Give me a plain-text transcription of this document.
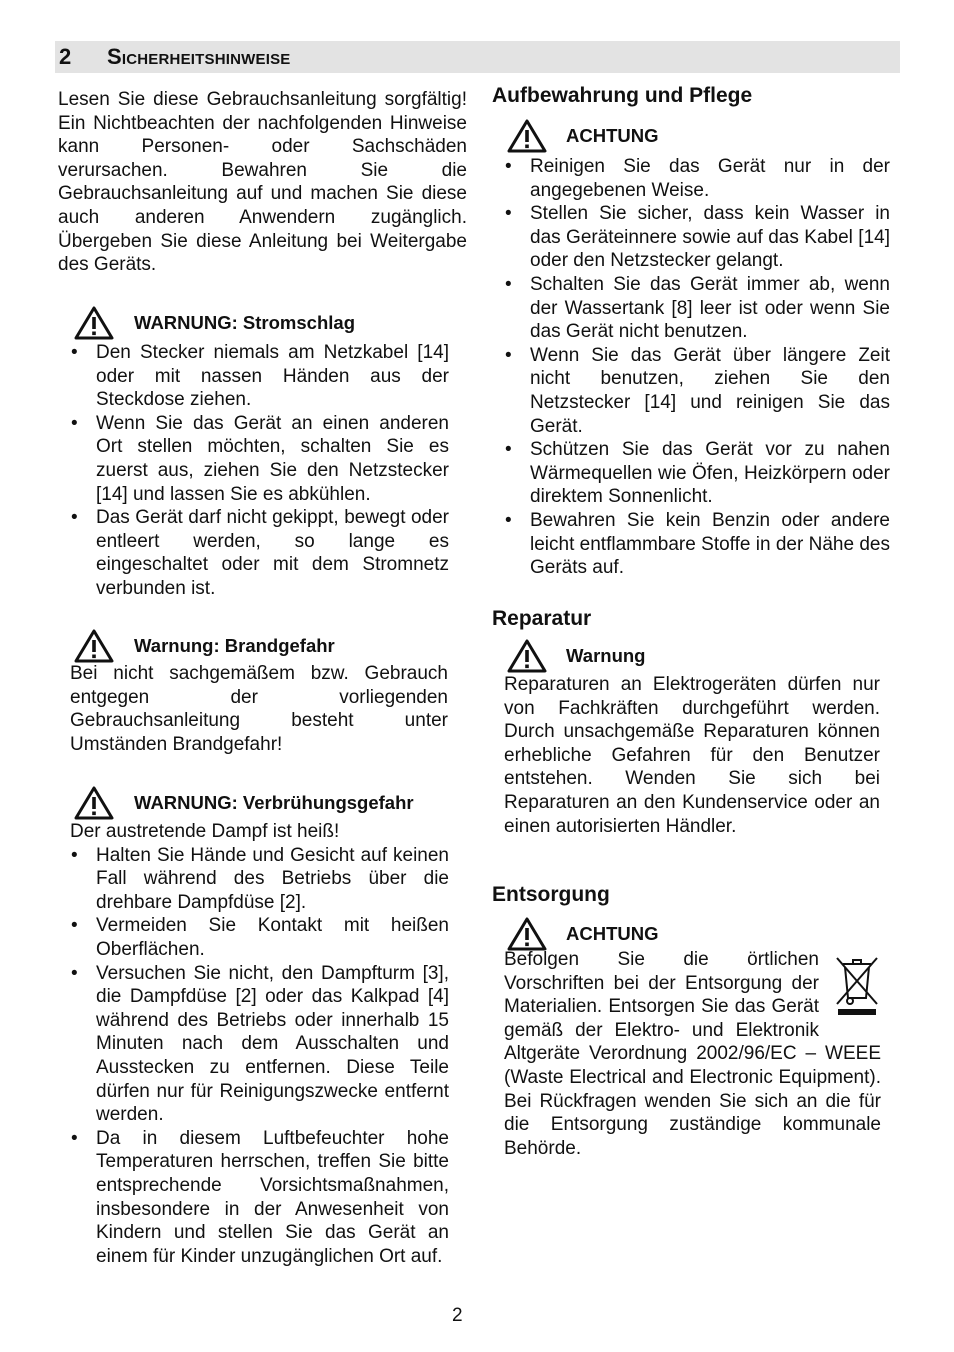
2 Sicherheitshinweise

Lesen Sie diese Gebrauchsanleitung sorgfältig! Ein Nichtbeachten der nachfolgenden Hinweise kann Personen- oder Sachschäden verursachen. Bewahren Sie die Gebrauchsanleitung auf und machen Sie diese auch anderen Anwendern zugänglich. Übergeben Sie diese Anleitung bei Weitergabe des Geräts.

WARNUNG: Stromschlag
• Den Stecker niemals am Netzkabel [14] oder mit nassen Händen aus der Steckdose ziehen.
• Wenn Sie das Gerät an einen anderen Ort stellen möchten, schalten Sie es zuerst aus, ziehen Sie den Netzstecker [14] und lassen Sie es abkühlen.
• Das Gerät darf nicht gekippt, bewegt oder entleert werden, so lange es eingeschaltet oder mit dem Stromnetz verbunden ist.
Warnung: Brandgefahr

Bei nicht sachgemäßem bzw. Gebrauch entgegen der vorliegenden Gebrauchsanleitung besteht unter Umständen Brandgefahr!

WARNUNG: Verbrühungsgefahr

Der austretende Dampf ist heiß!

• Halten Sie Hände und Gesicht auf keinen Fall während des Betriebs über die drehbare Dampfdüse [2].
• Vermeiden Sie Kontakt mit heißen Oberflächen.
• Versuchen Sie nicht, den Dampfturm [3], die Dampfdüse [2] oder das Kalkpad [4] während des Betriebs oder innerhalb 15 Minuten nach dem Ausschalten und Ausstecken zu entfernen. Diese Teile dürfen nur für Reinigungszwecke entfernt werden.
• Da in diesem Luftbefeuchter hohe Temperaturen herrschen, treffen Sie bitte entsprechende Vorsichtsmaßnahmen, insbesondere in der Anwesenheit von Kindern und stellen Sie das Gerät an einem für Kinder unzugänglichen Ort auf.
Aufbewahrung und Pflege
ACHTUNG
• Reinigen Sie das Gerät nur in der angegebenen Weise.
• Stellen Sie sicher, dass kein Wasser in das Geräteinnere sowie auf das Kabel [14] oder den Netzstecker gelangt.
• Schalten Sie das Gerät immer ab, wenn der Wassertank [8] leer ist oder wenn Sie das Gerät nicht benutzen.
• Wenn Sie das Gerät über längere Zeit nicht benutzen, ziehen Sie den Netzstecker [14] und reinigen Sie das Gerät.
• Schützen Sie das Gerät vor zu nahen Wärmequellen wie Öfen, Heizkörpern oder direktem Sonnenlicht.
• Bewahren Sie kein Benzin oder andere leicht entflammbare Stoffe in der Nähe des Geräts auf.
Reparatur
Warnung

Reparaturen an Elektrogeräten dürfen nur von Fachkräften durchgeführt werden. Durch unsachgemäße Reparaturen können erhebliche Gefahren für den Benutzer entstehen. Wenden Sie sich bei Reparaturen an den Kundenservice oder an einen autorisierten Händler.

Entsorgung
ACHTUNG

Befolgen Sie die örtlichen Vorschriften bei der Entsorgung der Materialien. Entsorgen Sie das Gerät gemäß der Elektro- und Elektronik Altgeräte Verordnung 2002/96/EC – WEEE (Waste Electrical and Electronic Equipment). Bei Rückfragen wenden Sie sich an die für die Entsorgung zuständige kommunale Behörde.

2
